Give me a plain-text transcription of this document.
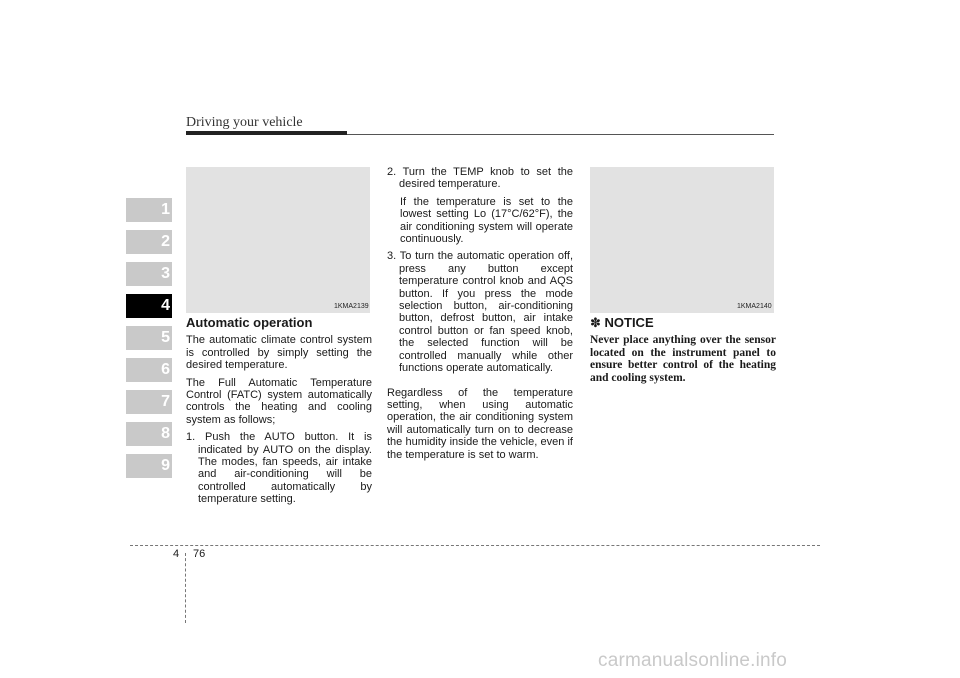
Driving your vehicle
1
2
3
4
5
6
7
8
9
1KMA2139	1KMA2140

Automatic operation

The automatic climate control system is controlled by simply setting the desired temperature.

The Full Automatic Temperature Control (FATC) system automatically controls the heating and cooling system as follows;

1. Push the AUTO button. It is indicated by AUTO on the display. The modes, fan speeds, air intake and air-conditioning will be controlled automatically by temperature setting.

2. Turn the TEMP knob to set the desired temperature.

If the temperature is set to the lowest setting Lo (17°C/62°F), the air conditioning system will operate continuously.

3. To turn the automatic operation off, press any button except temperature control knob and AQS button. If you press the mode selection button, air-conditioning button, defrost button, air intake control button or fan speed knob, the selected function will be controlled manually while other functions operate automatically.

Regardless of the temperature setting, when using automatic operation, the air conditioning system will automatically turn on to decrease the humidity inside the vehicle, even if the temperature is set to warm.

✽ NOTICE

Never place anything over the sensor located on the instrument panel to ensure better control of the heating and cooling system.

4 76
carmanualsonline.info
